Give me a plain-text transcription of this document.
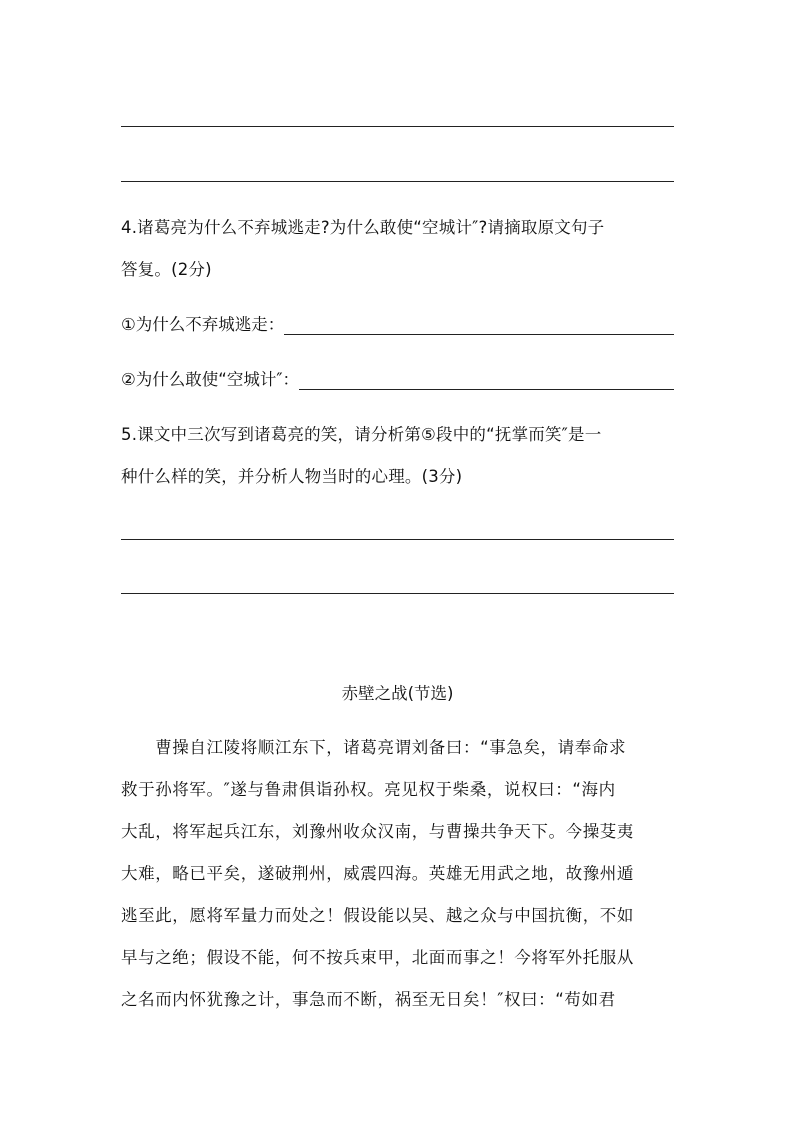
4.诸葛亮为什么不弃城逃走?为什么敢使“空城计″?请摘取原文句子
答复。(2分)
①为什么不弃城逃走：
②为什么敢使“空城计″：
5.课文中三次写到诸葛亮的笑，请分析第⑤段中的“抚掌而笑″是一
种什么样的笑，并分析人物当时的心理。(3分)
赤壁之战(节选)
　　曹操自江陵将顺江东下，诸葛亮谓刘备曰：“事急矣，请奉命求
救于孙将军。″遂与鲁肃俱诣孙权。亮见权于柴桑，说权曰：“海内
大乱，将军起兵江东，刘豫州收众汉南，与曹操共争天下。今操芟夷
大难，略已平矣，遂破荆州，威震四海。英雄无用武之地，故豫州遁
逃至此，愿将军量力而处之！假设能以吴、越之众与中国抗衡，不如
早与之绝；假设不能，何不按兵束甲，北面而事之！今将军外托服从
之名而内怀犹豫之计，事急而不断，祸至无日矣！″权曰：“苟如君
